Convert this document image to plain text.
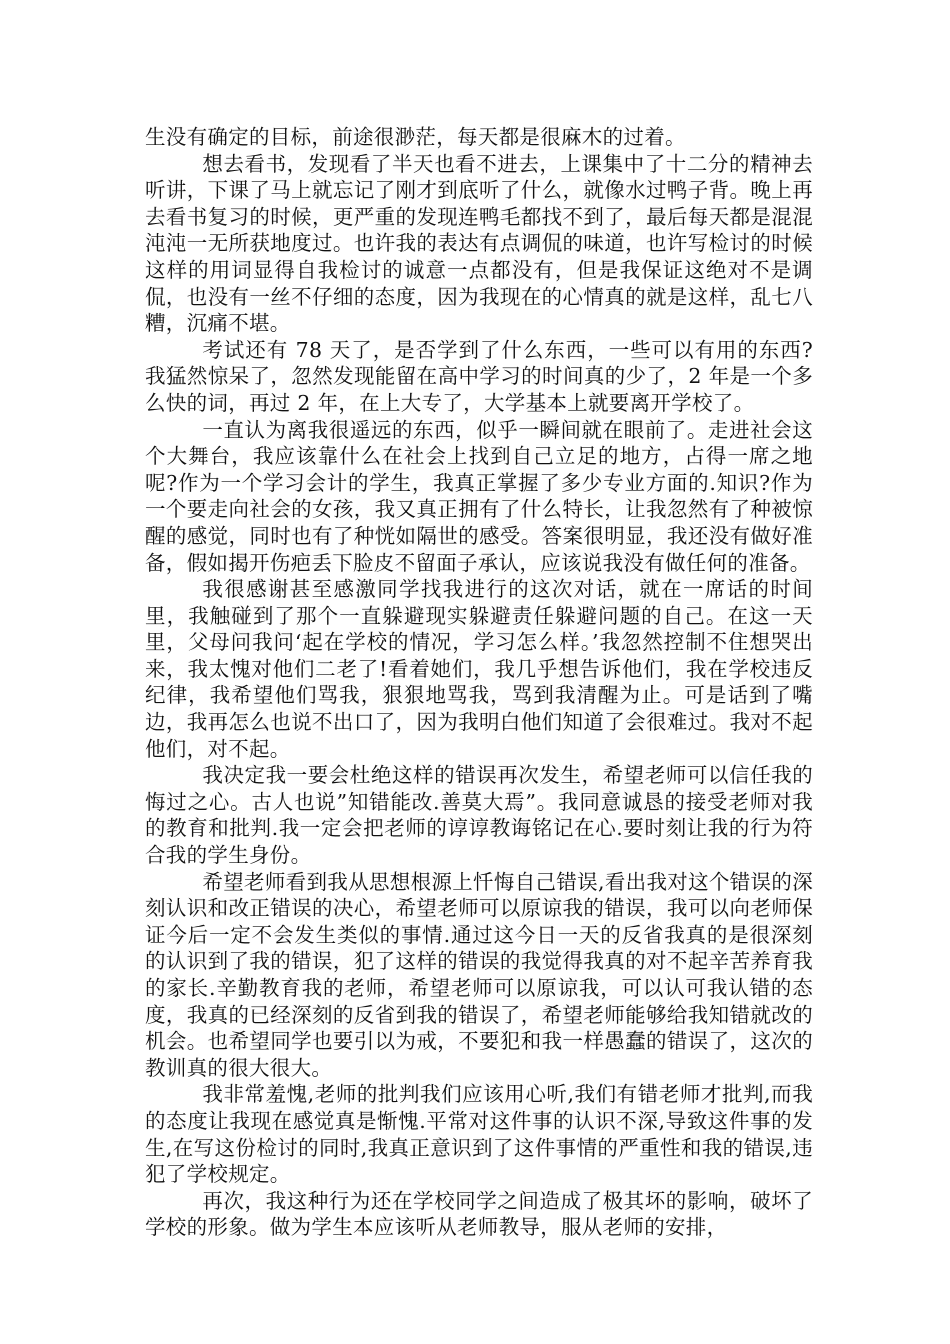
生没有确定的目标，前途很渺茫，每天都是很麻木的过着。

想去看书，发现看了半天也看不进去，上课集中了十二分的精神去听讲，下课了马上就忘记了刚才到底听了什么，就像水过鸭子背。晚上再去看书复习的时候，更严重的发现连鸭毛都找不到了，最后每天都是混混沌沌一无所获地度过。也许我的表达有点调侃的味道，也许写检讨的时候这样的用词显得自我检讨的诚意一点都没有，但是我保证这绝对不是调侃，也没有一丝不仔细的态度，因为我现在的心情真的就是这样，乱七八糟，沉痛不堪。

考试还有 78 天了，是否学到了什么东西，一些可以有用的东西?我猛然惊呆了，忽然发现能留在高中学习的时间真的少了，2 年是一个多么快的词，再过 2 年，在上大专了，大学基本上就要离开学校了。

一直认为离我很遥远的东西，似乎一瞬间就在眼前了。走进社会这个大舞台，我应该靠什么在社会上找到自己立足的地方，占得一席之地呢?作为一个学习会计的学生，我真正掌握了多少专业方面的.知识?作为一个要走向社会的女孩，我又真正拥有了什么特长，让我忽然有了种被惊醒的感觉，同时也有了种恍如隔世的感受。答案很明显，我还没有做好准备，假如揭开伤疤丢下脸皮不留面子承认，应该说我没有做任何的准备。

我很感谢甚至感激同学找我进行的这次对话，就在一席话的时间里，我触碰到了那个一直躲避现实躲避责任躲避问题的自己。在这一天里，父母问我问‘起在学校的情况，学习怎么样。’我忽然控制不住想哭出来，我太愧对他们二老了!看着她们，我几乎想告诉他们，我在学校违反纪律，我希望他们骂我，狠狠地骂我，骂到我清醒为止。可是话到了嘴边，我再怎么也说不出口了，因为我明白他们知道了会很难过。我对不起他们，对不起。

我决定我一要会杜绝这样的错误再次发生，希望老师可以信任我的悔过之心。古人也说”知错能改.善莫大焉”。我同意诚恳的接受老师对我的教育和批判.我一定会把老师的谆谆教诲铭记在心.要时刻让我的行为符合我的学生身份。

希望老师看到我从思想根源上忏悔自己错误,看出我对这个错误的深刻认识和改正错误的决心，希望老师可以原谅我的错误，我可以向老师保证今后一定不会发生类似的事情.通过这今日一天的反省我真的是很深刻的认识到了我的错误，犯了这样的错误的我觉得我真的对不起辛苦养育我的家长.辛勤教育我的老师，希望老师可以原谅我，可以认可我认错的态度，我真的已经深刻的反省到我的错误了，希望老师能够给我知错就改的机会。也希望同学也要引以为戒，不要犯和我一样愚蠢的错误了，这次的教训真的很大很大。

我非常羞愧,老师的批判我们应该用心听,我们有错老师才批判,而我的态度让我现在感觉真是惭愧.平常对这件事的认识不深,导致这件事的发生,在写这份检讨的同时,我真正意识到了这件事情的严重性和我的错误,违犯了学校规定。

再次，我这种行为还在学校同学之间造成了极其坏的影响，破坏了学校的形象。做为学生本应该听从老师教导，服从老师的安排，
